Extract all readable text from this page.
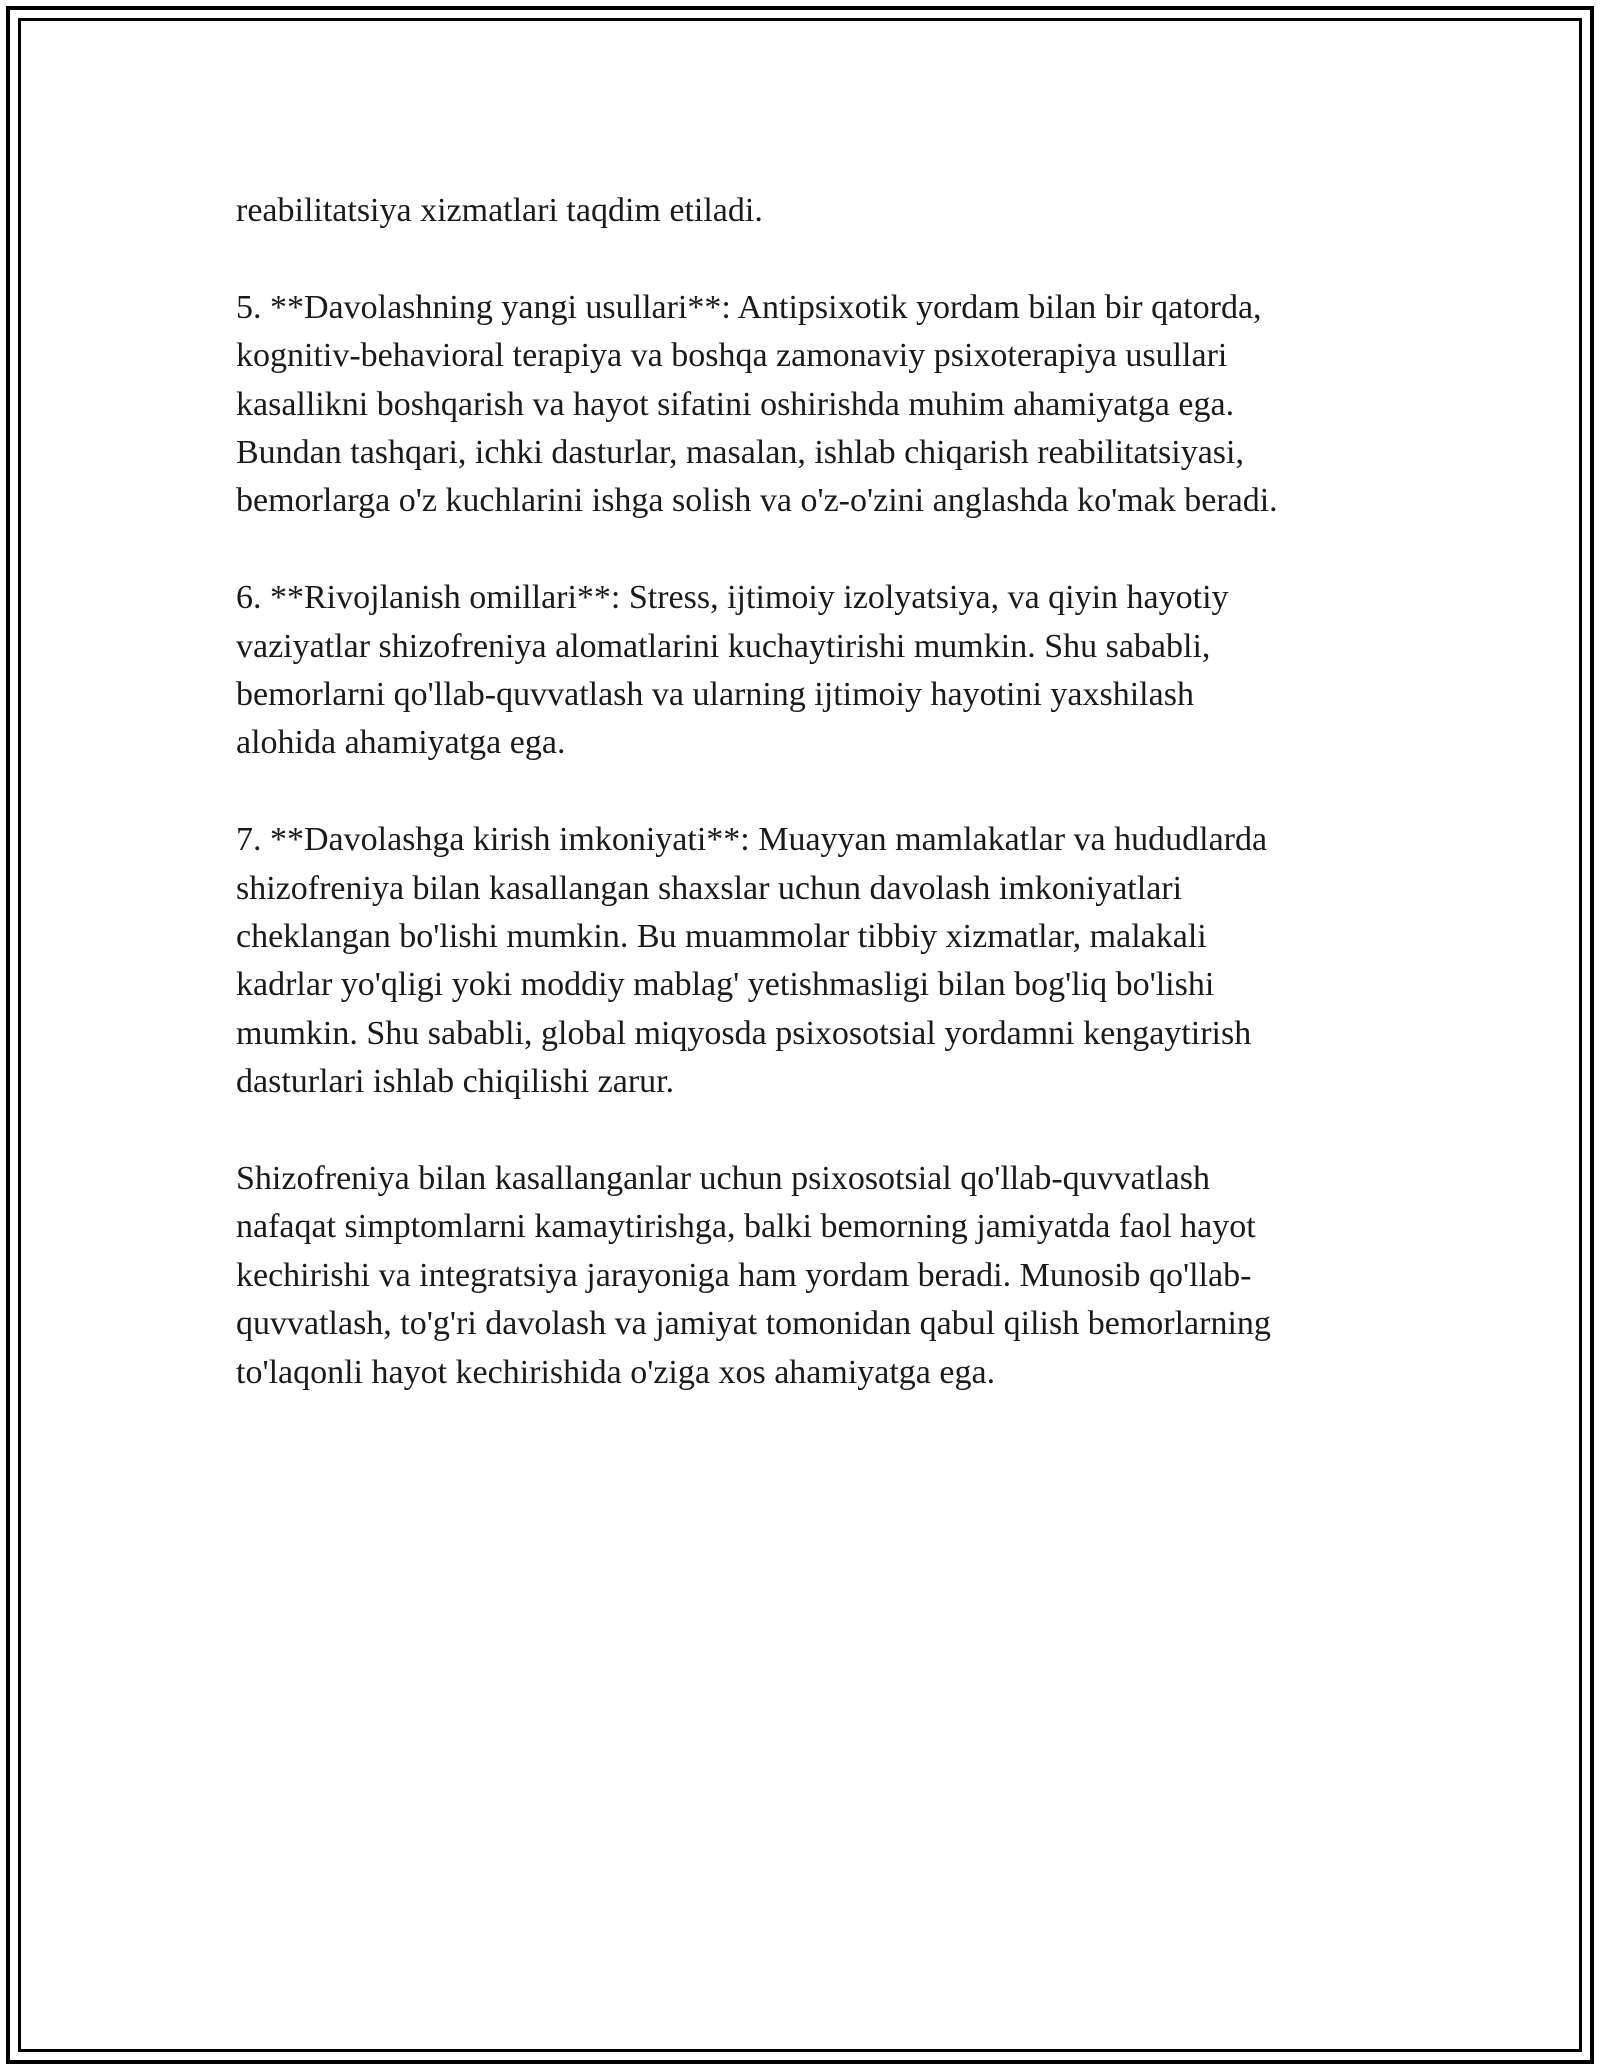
reabilitatsiya xizmatlari taqdim etiladi.

5. **Davolashning yangi usullari**: Antipsixotik yordam bilan bir qatorda,
kognitiv-behavioral terapiya va boshqa zamonaviy psixoterapiya usullari
kasallikni boshqarish va hayot sifatini oshirishda muhim ahamiyatga ega.
Bundan tashqari, ichki dasturlar, masalan, ishlab chiqarish reabilitatsiyasi,
bemorlarga o'z kuchlarini ishga solish va o'z-o'zini anglashda ko'mak beradi.

6. **Rivojlanish omillari**: Stress, ijtimoiy izolyatsiya, va qiyin hayotiy
vaziyatlar shizofreniya alomatlarini kuchaytirishi mumkin. Shu sababli,
bemorlarni qo'llab-quvvatlash va ularning ijtimoiy hayotini yaxshilash
alohida ahamiyatga ega.

7. **Davolashga kirish imkoniyati**: Muayyan mamlakatlar va hududlarda
shizofreniya bilan kasallangan shaxslar uchun davolash imkoniyatlari
cheklangan bo'lishi mumkin. Bu muammolar tibbiy xizmatlar, malakali
kadrlar yo'qligi yoki moddiy mablag' yetishmasligi bilan bog'liq bo'lishi
mumkin. Shu sababli, global miqyosda psixosotsial yordamni kengaytirish
dasturlari ishlab chiqilishi zarur.

Shizofreniya bilan kasallanganlar uchun psixosotsial qo'llab-quvvatlash
nafaqat simptomlarni kamaytirishga, balki bemorning jamiyatda faol hayot
kechirishi va integratsiya jarayoniga ham yordam beradi. Munosib qo'llab-
quvvatlash, to'g'ri davolash va jamiyat tomonidan qabul qilish bemorlarning
to'laqonli hayot kechirishida o'ziga xos ahamiyatga ega.
